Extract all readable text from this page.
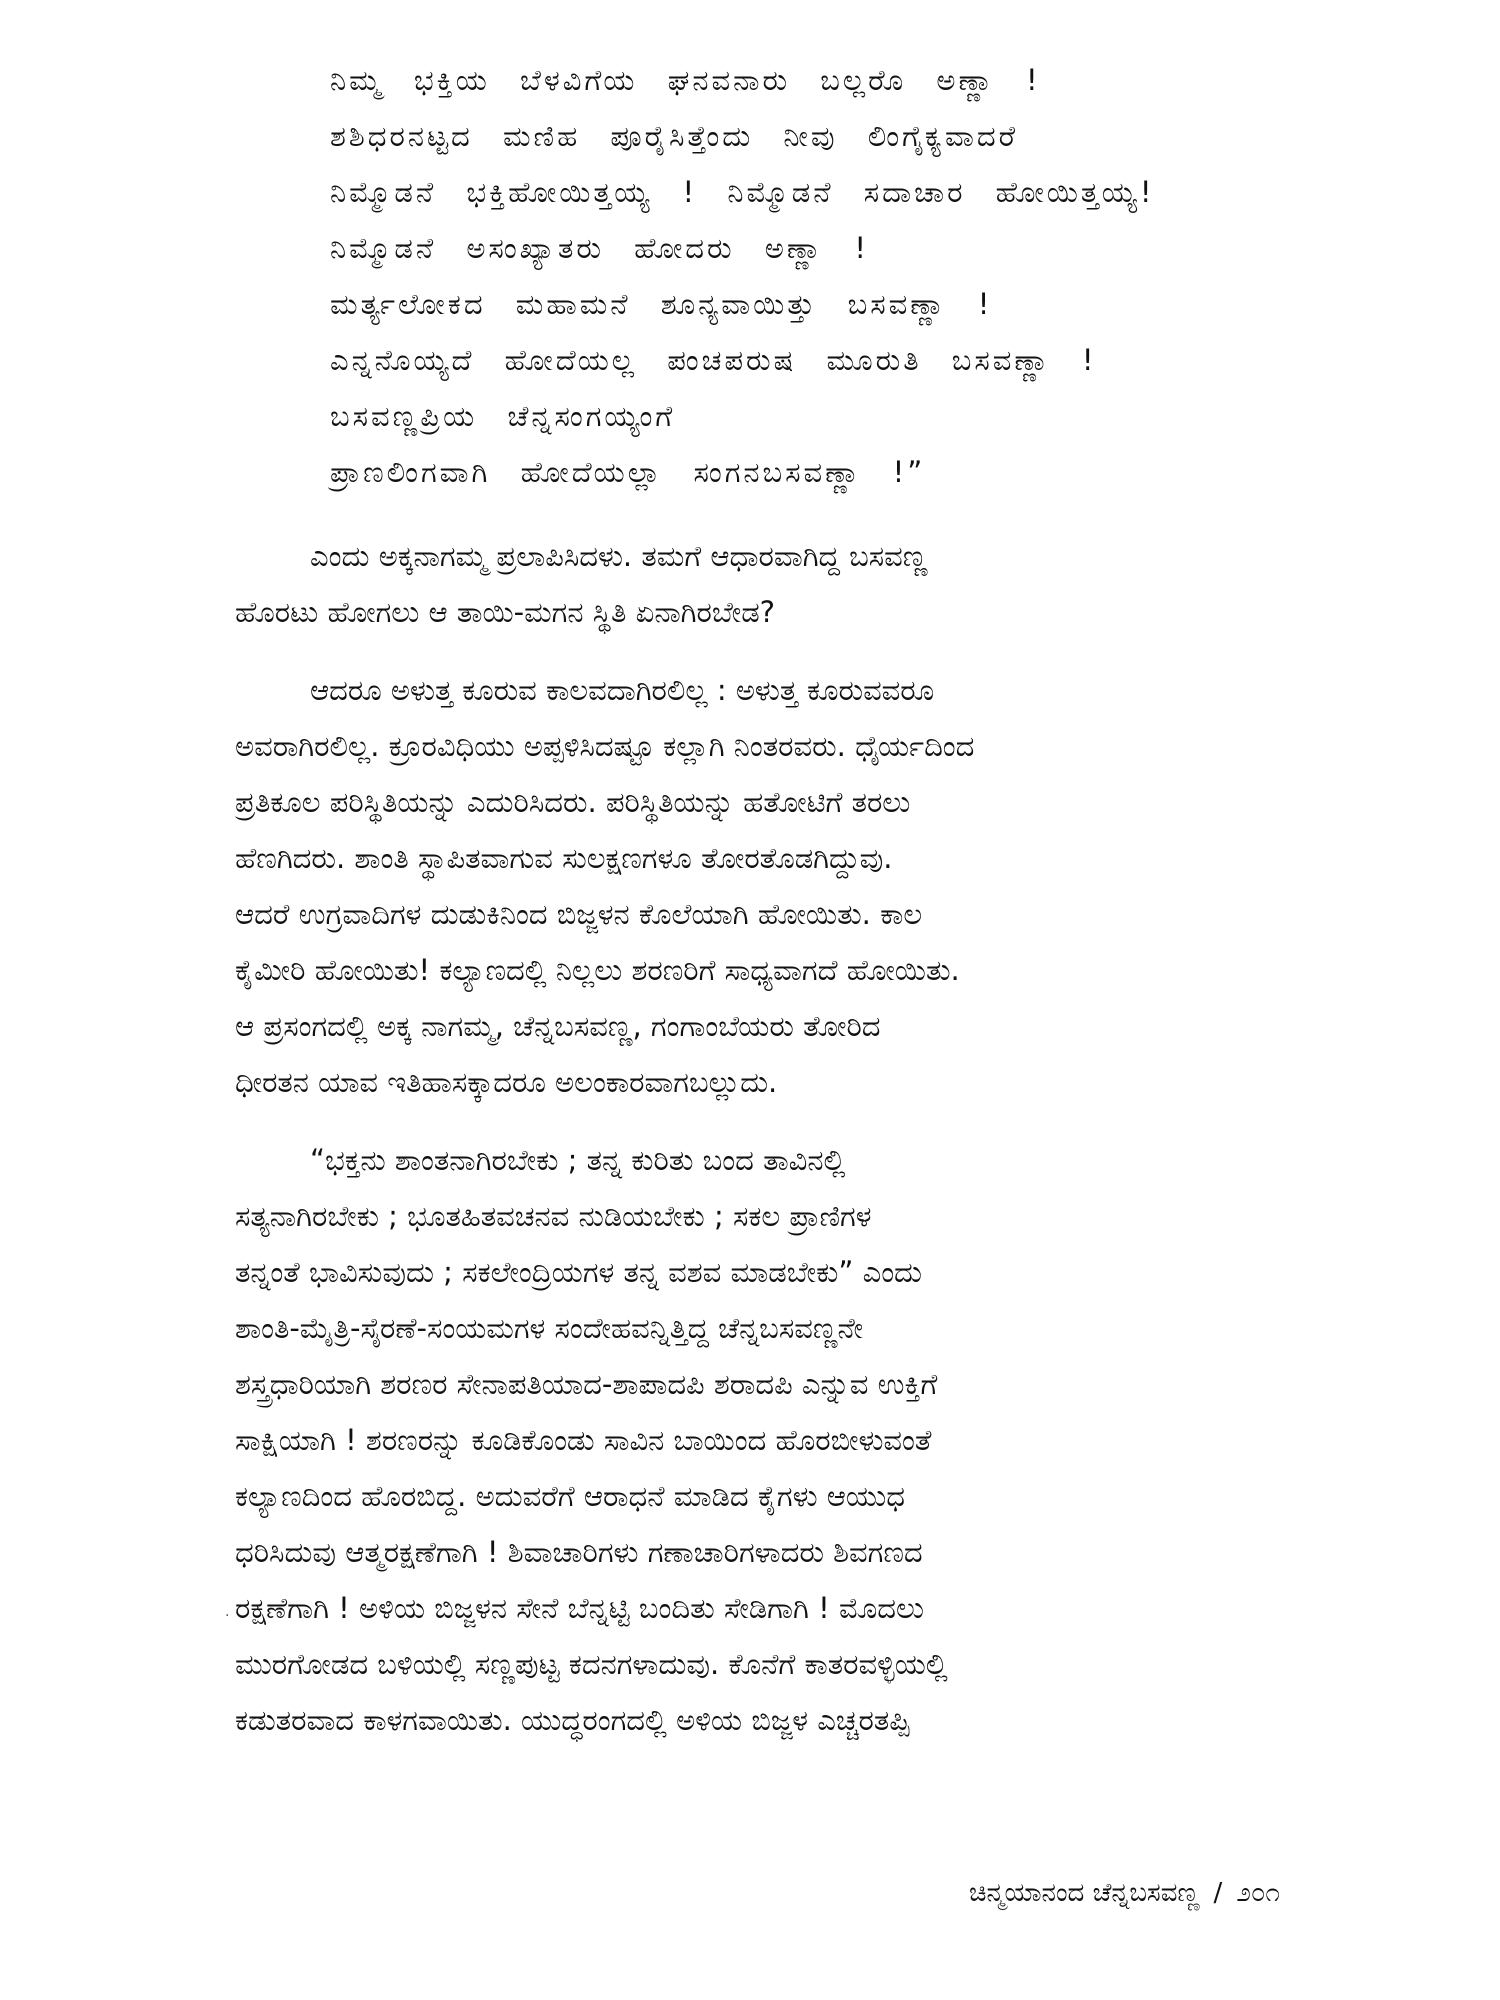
ನಿಮ್ಮ ಭಕ್ತಿಯ ಬೆಳವಿಗೆಯ ಘನವನಾರು ಬಲ್ಲರೊ ಅಣ್ಣಾ !
ಶಶಿಧರನಟ್ಟದ ಮಣಿಹ ಪೂರೈಸಿತ್ತೆಂದು ನೀವು ಲಿಂಗೈಕ್ಯವಾದರೆ
ನಿಮ್ಮೊಡನೆ ಭಕ್ತಿಹೋಯಿತ್ತಯ್ಯ ! ನಿಮ್ಮೊಡನೆ ಸದಾಚಾರ ಹೋಯಿತ್ತಯ್ಯ!
ನಿಮ್ಮೊಡನೆ ಅಸಂಖ್ಯಾತರು ಹೋದರು ಅಣ್ಣಾ !
ಮರ್ತ್ಯಲೋಕದ ಮಹಾಮನೆ ಶೂನ್ಯವಾಯಿತ್ತು ಬಸವಣ್ಣಾ !
ಎನ್ನನೊಯ್ಯದೆ ಹೋದೆಯಲ್ಲ ಪಂಚಪರುಷ ಮೂರುತಿ ಬಸವಣ್ಣಾ !
ಬಸವಣ್ಣಪ್ರಿಯ ಚೆನ್ನಸಂಗಯ್ಯಂಗೆ
ಪ್ರಾಣಲಿಂಗವಾಗಿ ಹೋದೆಯಲ್ಲಾ ಸಂಗನಬಸವಣ್ಣಾ !”
ಎಂದು ಅಕ್ಕನಾಗಮ್ಮ ಪ್ರಲಾಪಿಸಿದಳು. ತಮಗೆ ಆಧಾರವಾಗಿದ್ದ ಬಸವಣ್ಣ
ಹೊರಟು ಹೋಗಲು ಆ ತಾಯಿ-ಮಗನ ಸ್ಥಿತಿ ಏನಾಗಿರಬೇಡ?
ಆದರೂ ಅಳುತ್ತ ಕೂರುವ ಕಾಲವದಾಗಿರಲಿಲ್ಲ : ಅಳುತ್ತ ಕೂರುವವರೂ
ಅವರಾಗಿರಲಿಲ್ಲ. ಕ್ರೂರವಿಧಿಯು ಅಪ್ಪಳಿಸಿದಷ್ಟೂ ಕಲ್ಲಾಗಿ ನಿಂತರವರು. ಧೈರ್ಯದಿಂದ
ಪ್ರತಿಕೂಲ ಪರಿಸ್ಥಿತಿಯನ್ನು ಎದುರಿಸಿದರು. ಪರಿಸ್ಥಿತಿಯನ್ನು ಹತೋಟಿಗೆ ತರಲು
ಹೆಣಗಿದರು. ಶಾಂತಿ ಸ್ಥಾಪಿತವಾಗುವ ಸುಲಕ್ಷಣಗಳೂ ತೋರತೊಡಗಿದ್ದುವು.
ಆದರೆ ಉಗ್ರವಾದಿಗಳ ದುಡುಕಿನಿಂದ ಬಿಜ್ಜಳನ ಕೊಲೆಯಾಗಿ ಹೋಯಿತು. ಕಾಲ
ಕೈಮೀರಿ ಹೋಯಿತು! ಕಲ್ಯಾಣದಲ್ಲಿ ನಿಲ್ಲಲು ಶರಣರಿಗೆ ಸಾಧ್ಯವಾಗದೆ ಹೋಯಿತು.
ಆ ಪ್ರಸಂಗದಲ್ಲಿ ಅಕ್ಕ ನಾಗಮ್ಮ, ಚೆನ್ನಬಸವಣ್ಣ, ಗಂಗಾಂಬೆಯರು ತೋರಿದ
ಧೀರತನ ಯಾವ ಇತಿಹಾಸಕ್ಕಾದರೂ ಅಲಂಕಾರವಾಗಬಲ್ಲುದು.
“ಭಕ್ತನು ಶಾಂತನಾಗಿರಬೇಕು ; ತನ್ನ ಕುರಿತು ಬಂದ ತಾವಿನಲ್ಲಿ
ಸತ್ಯನಾಗಿರಬೇಕು ; ಭೂತಹಿತವಚನವ ನುಡಿಯಬೇಕು ; ಸಕಲ ಪ್ರಾಣಿಗಳ
ತನ್ನಂತೆ ಭಾವಿಸುವುದು ; ಸಕಲೇಂದ್ರಿಯಗಳ ತನ್ನ ವಶವ ಮಾಡಬೇಕು” ಎಂದು
ಶಾಂತಿ-ಮೈತ್ರಿ-ಸೈರಣೆ-ಸಂಯಮಗಳ ಸಂದೇಹವನ್ನಿತ್ತಿದ್ದ ಚೆನ್ನಬಸವಣ್ಣನೇ
ಶಸ್ತ್ರಧಾರಿಯಾಗಿ ಶರಣರ ಸೇನಾಪತಿಯಾದ-ಶಾಪಾದಪಿ ಶರಾದಪಿ ಎನ್ನುವ ಉಕ್ತಿಗೆ
ಸಾಕ್ಷಿಯಾಗಿ ! ಶರಣರನ್ನು ಕೂಡಿಕೊಂಡು ಸಾವಿನ ಬಾಯಿಂದ ಹೊರಬೀಳುವಂತೆ
ಕಲ್ಯಾಣದಿಂದ ಹೊರಬಿದ್ದ. ಅದುವರೆಗೆ ಆರಾಧನೆ ಮಾಡಿದ ಕೈಗಳು ಆಯುಧ
ಧರಿಸಿದುವು ಆತ್ಮರಕ್ಷಣೆಗಾಗಿ ! ಶಿವಾಚಾರಿಗಳು ಗಣಾಚಾರಿಗಳಾದರು ಶಿವಗಣದ
ರಕ್ಷಣೆಗಾಗಿ ! ಅಳಿಯ ಬಿಜ್ಜಳನ ಸೇನೆ ಬೆನ್ನಟ್ಟಿ ಬಂದಿತು ಸೇಡಿಗಾಗಿ ! ಮೊದಲು
ಮುರಗೋಡದ ಬಳಿಯಲ್ಲಿ ಸಣ್ಣಪುಟ್ಟ ಕದನಗಳಾದುವು. ಕೊನೆಗೆ ಕಾತರವಳ್ಳಿಯಲ್ಲಿ
ಕಡುತರವಾದ ಕಾಳಗವಾಯಿತು. ಯುದ್ಧರಂಗದಲ್ಲಿ ಅಳಿಯ ಬಿಜ್ಜಳ ಎಚ್ಚರತಪ್ಪಿ
·
ಚಿನ್ಮಯಾನಂದ ಚೆನ್ನಬಸವಣ್ಣ / ೨೦೧
